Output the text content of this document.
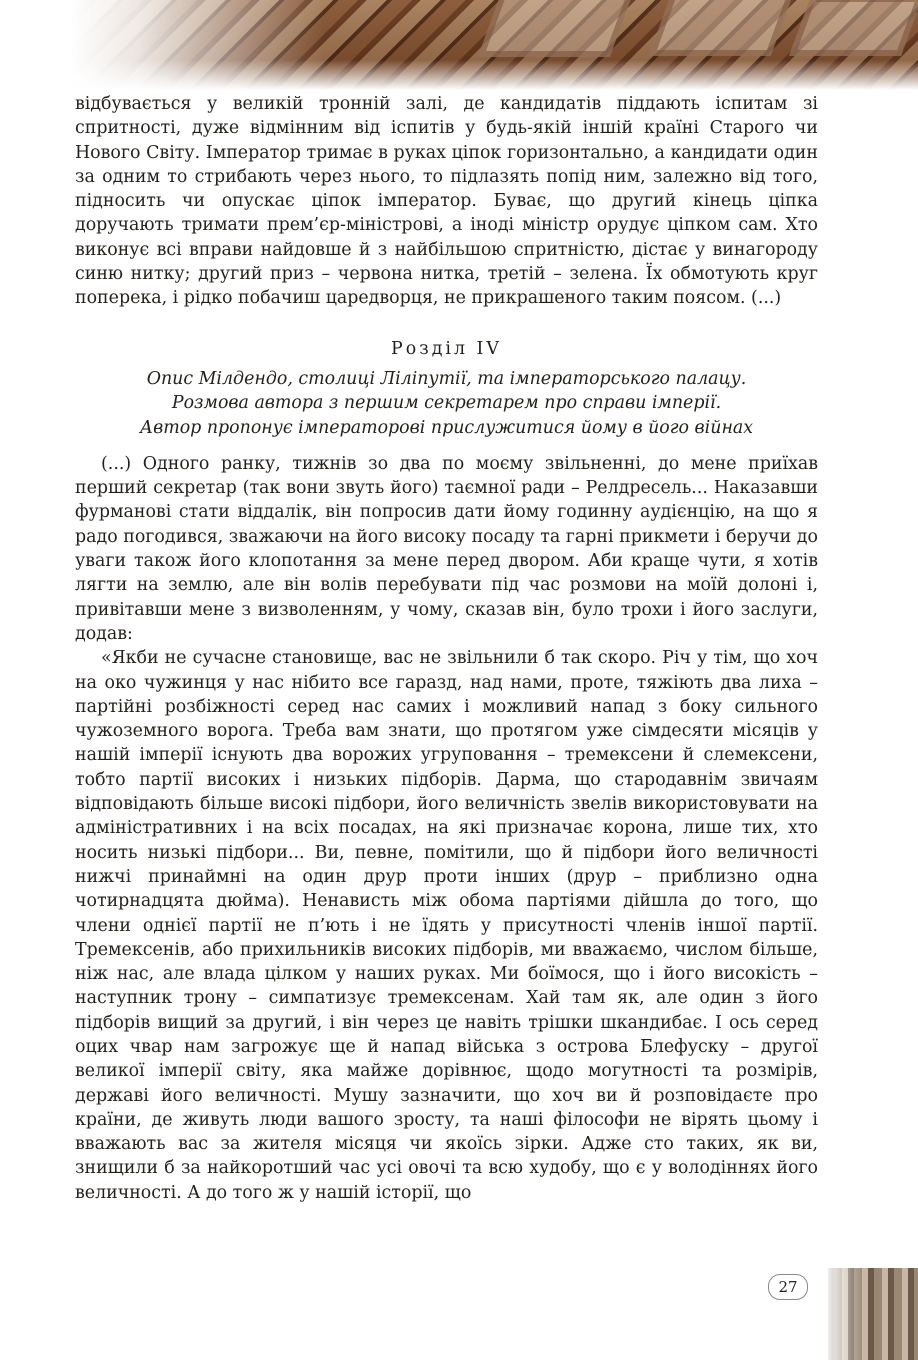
відбувається у великій тронній залі, де кандидатів піддають іспитам зі спритності, дуже відмінним від іспитів у будь-якій іншій країні Старого чи Нового Світу. Імператор тримає в руках ціпок горизонтально, а кандидати один за одним то стрибають через нього, то підлазять попід ним, залежно від того, підносить чи опускає ціпок імператор. Буває, що другий кінець ціпка доручають тримати прем’єр-міністрові, а іноді міністр орудує ціпком сам. Хто виконує всі вправи найдовше й з найбільшою спритністю, дістає у винагороду синю нитку; другий приз – червона нитка, третій – зелена. Їх обмотують круг поперека, і рідко побачиш царедворця, не прикрашеного таким поясом. (...)

Розділ IV
Опис Мілдендо, столиці Ліліпутії, та імператорського палацу.
Розмова автора з першим секретарем про справи імперії.
Автор пропонує імператорові прислужитися йому в його війнах

(...) Одного ранку, тижнів зо два по моєму звільненні, до мене приїхав перший секретар (так вони звуть його) таємної ради – Релдресель... Наказавши фурманові стати віддалік, він попросив дати йому годинну аудієнцію, на що я радо погодився, зважаючи на його високу посаду та гарні прикмети і беручи до уваги також його клопотання за мене перед двором. Аби краще чути, я хотів лягти на землю, але він волів перебувати під час розмови на моїй долоні і, привітавши мене з визволенням, у чому, сказав він, було трохи і його заслуги, додав:

«Якби не сучасне становище, вас не звільнили б так скоро. Річ у тім, що хоч на око чужинця у нас нібито все гаразд, над нами, проте, тяжіють два лиха – партійні розбіжності серед нас самих і можливий напад з боку сильного чужоземного ворога. Треба вам знати, що протягом уже сімдесяти місяців у нашій імперії існують два ворожих угруповання – тремексени й слемексени, тобто партії високих і низьких підборів. Дарма, що стародавнім звичаям відповідають більше високі підбори, його величність звелів використовувати на адміністративних і на всіх посадах, на які призначає корона, лише тих, хто носить низькі підбори... Ви, певне, помітили, що й підбори його величності нижчі принаймні на один друр проти інших (друр – приблизно одна чотирнадцята дюйма). Ненависть між обома партіями дійшла до того, що члени однієї партії не п’ють і не їдять у присутності членів іншої партії. Тремексенів, або прихильників високих підборів, ми вважаємо, числом більше, ніж нас, але влада цілком у наших руках. Ми боїмося, що і його високість – наступник трону – симпатизує тремексенам. Хай там як, але один з його підборів вищий за другий, і він через це навіть трішки шкандибає. І ось серед оцих чвар нам загрожує ще й напад війська з острова Блефуску – другої великої імперії світу, яка майже дорівнює, щодо могутності та розмірів, державі його величності. Мушу зазначити, що хоч ви й розповідаєте про країни, де живуть люди вашого зросту, та наші філософи не вірять цьому і вважають вас за жителя місяця чи якоїсь зірки. Адже сто таких, як ви, знищили б за найкоротший час усі овочі та всю худобу, що є у володіннях його величності. А до того ж у нашій історії, що

27
